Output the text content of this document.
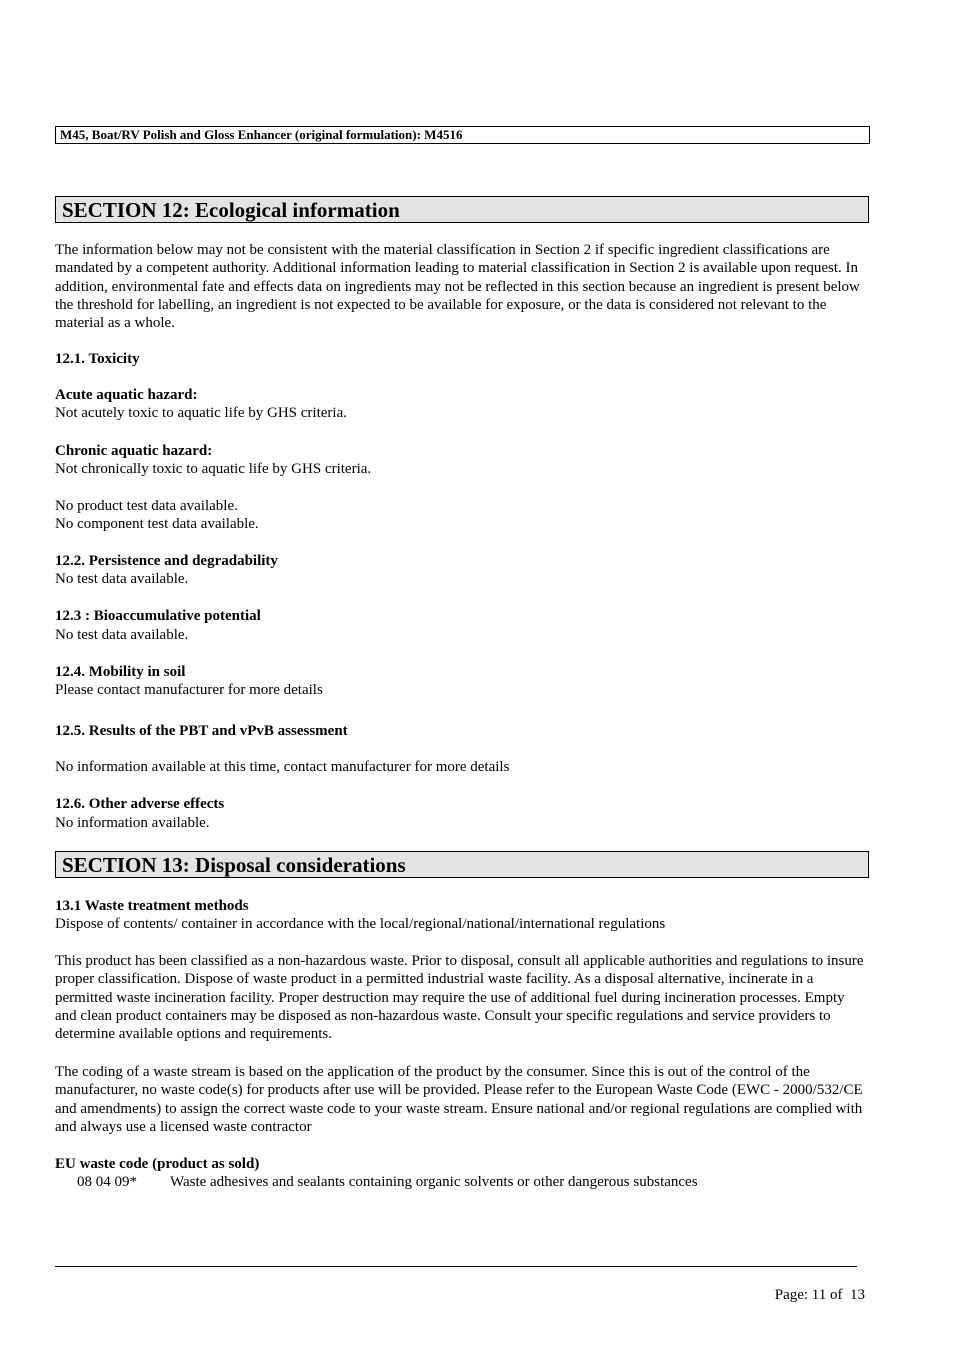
M45, Boat/RV Polish and Gloss Enhancer (original formulation): M4516
SECTION 12: Ecological information
The information below may not be consistent with the material classification in Section 2 if specific ingredient classifications are mandated by a competent authority. Additional information leading to material classification in Section 2 is available upon request. In addition, environmental fate and effects data on ingredients may not be reflected in this section because an ingredient is present below the threshold for labelling, an ingredient is not expected to be available for exposure, or the data is considered not relevant to the material as a whole.
12.1. Toxicity
Acute aquatic hazard:
Not acutely toxic to aquatic life by GHS criteria.
Chronic aquatic hazard:
Not chronically toxic to aquatic life by GHS criteria.
No product test data available.
No component test data available.
12.2. Persistence and degradability
No test data available.
12.3 : Bioaccumulative potential
No test data available.
12.4. Mobility in soil
Please contact manufacturer for more details
12.5. Results of the PBT and vPvB assessment
No information available at this time, contact manufacturer for more details
12.6. Other adverse effects
No information available.
SECTION 13: Disposal considerations
13.1 Waste treatment methods
Dispose of contents/ container in accordance with the local/regional/national/international regulations
This product has been classified as a non-hazardous waste. Prior to disposal, consult all applicable authorities and regulations to insure proper classification. Dispose of waste product in a permitted industrial waste facility. As a disposal alternative, incinerate in a permitted waste incineration facility. Proper destruction may require the use of additional fuel during incineration processes. Empty and clean product containers may be disposed as non-hazardous waste. Consult your specific regulations and service providers to determine available options and requirements.
The coding of a waste stream is based on the application of the product by the consumer. Since this is out of the control of the manufacturer, no waste code(s) for products after use will be provided. Please refer to the European Waste Code (EWC - 2000/532/CE and amendments) to assign the correct waste code to your waste stream. Ensure national and/or regional regulations are complied with and always use a licensed waste contractor
EU waste code (product as sold)
08 04 09* Waste adhesives and sealants containing organic solvents or other dangerous substances
Page: 11 of  13
